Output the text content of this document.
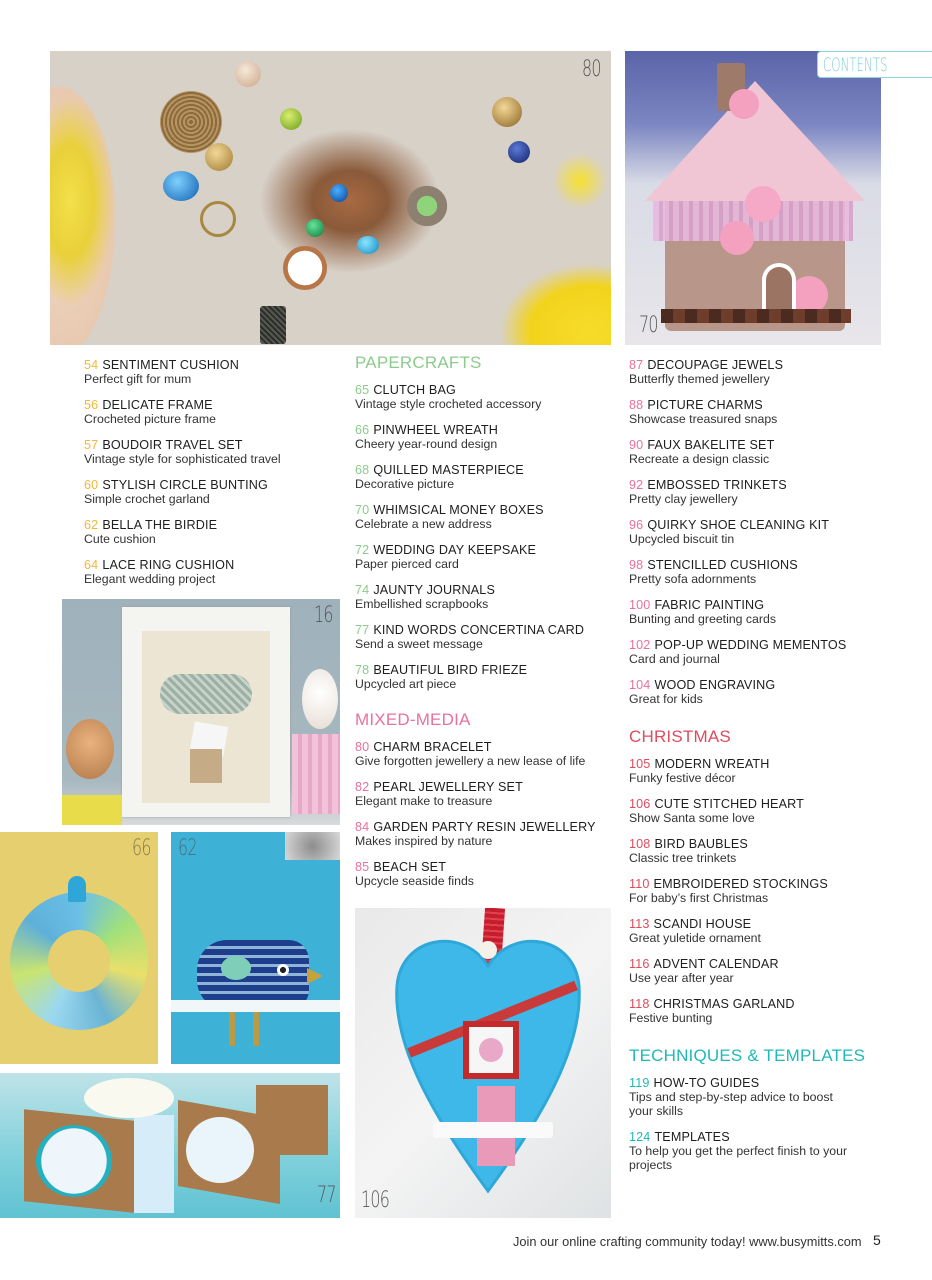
80
70
CONTENTS
16
66 62
77 106
54 SENTIMENT CUSHION
Perfect gift for mum
56 DELICATE FRAME
Crocheted picture frame
57 BOUDOIR TRAVEL SET
Vintage style for sophisticated travel
60 STYLISH CIRCLE BUNTING
Simple crochet garland
62 BELLA THE BIRDIE
Cute cushion
64 LACE RING CUSHION
Elegant wedding project
PAPERCRAFTS
65 CLUTCH BAG
Vintage style crocheted accessory
66 PINWHEEL WREATH
Cheery year-round design
68 QUILLED MASTERPIECE
Decorative picture
70 WHIMSICAL MONEY BOXES
Celebrate a new address
72 WEDDING DAY KEEPSAKE
Paper pierced card
74 JAUNTY JOURNALS
Embellished scrapbooks
77 KIND WORDS CONCERTINA CARD
Send a sweet message
78 BEAUTIFUL BIRD FRIEZE
Upcycled art piece
MIXED-MEDIA
80 CHARM BRACELET
Give forgotten jewellery a new lease of life
82 PEARL JEWELLERY SET
Elegant make to treasure
84 GARDEN PARTY RESIN JEWELLERY
Makes inspired by nature
85 BEACH SET
Upcycle seaside finds
87 DECOUPAGE JEWELS
Butterfly themed jewellery
88 PICTURE CHARMS
Showcase treasured snaps
90 FAUX BAKELITE SET
Recreate a design classic
92 EMBOSSED TRINKETS
Pretty clay jewellery
96 QUIRKY SHOE CLEANING KIT
Upcycled biscuit tin
98 STENCILLED CUSHIONS
Pretty sofa adornments
100 FABRIC PAINTING
Bunting and greeting cards
102 POP-UP WEDDING MEMENTOS
Card and journal
104 WOOD ENGRAVING
Great for kids
CHRISTMAS
105 MODERN WREATH
Funky festive décor
106 CUTE STITCHED HEART
Show Santa some love
108 BIRD BAUBLES
Classic tree trinkets
110 EMBROIDERED STOCKINGS
For baby’s first Christmas
113 SCANDI HOUSE
Great yuletide ornament
116 ADVENT CALENDAR
Use year after year
118 CHRISTMAS GARLAND
Festive bunting
TECHNIQUES & TEMPLATES
119 HOW-TO GUIDES
Tips and step-by-step advice to boost your skills
124 TEMPLATES
To help you get the perfect finish to your projects
Join our online crafting community today! www.busymitts.com 5
